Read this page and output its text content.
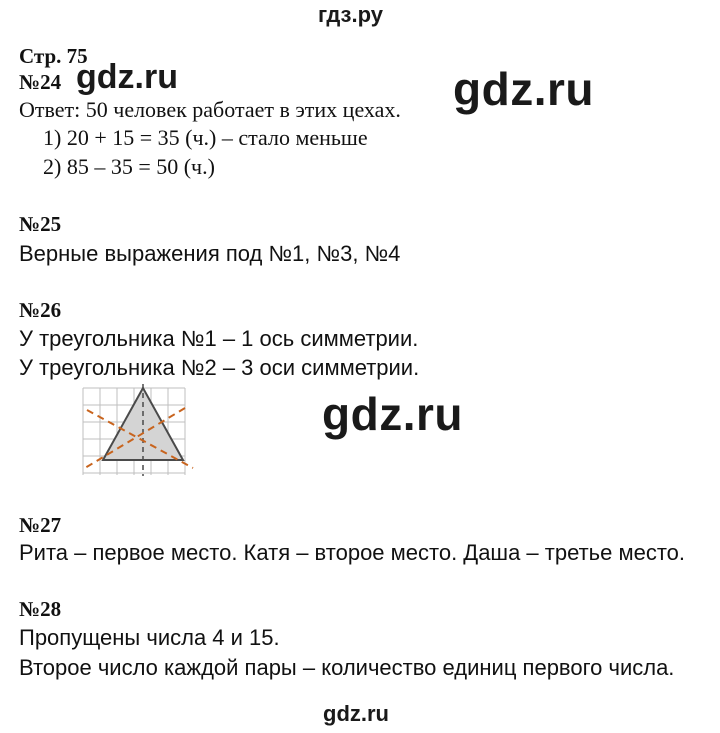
гдз.ру
Стр. 75
№24 gdz.ru	gdz.ru
Ответ: 50 человек работает в этих цехах.
1) 20 + 15 = 35 (ч.) – стало меньше
2) 85 – 35 = 50 (ч.)
№25
Верные выражения под №1, №3, №4
№26
У треугольника №1 – 1 ось симметрии.
У треугольника №2 – 3 оси симметрии.
gdz.ru
№27
Рита – первое место. Катя – второе место. Даша – третье место.
№28
Пропущены числа 4 и 15.
Второе число каждой пары – количество единиц первого числа.
gdz.ru
